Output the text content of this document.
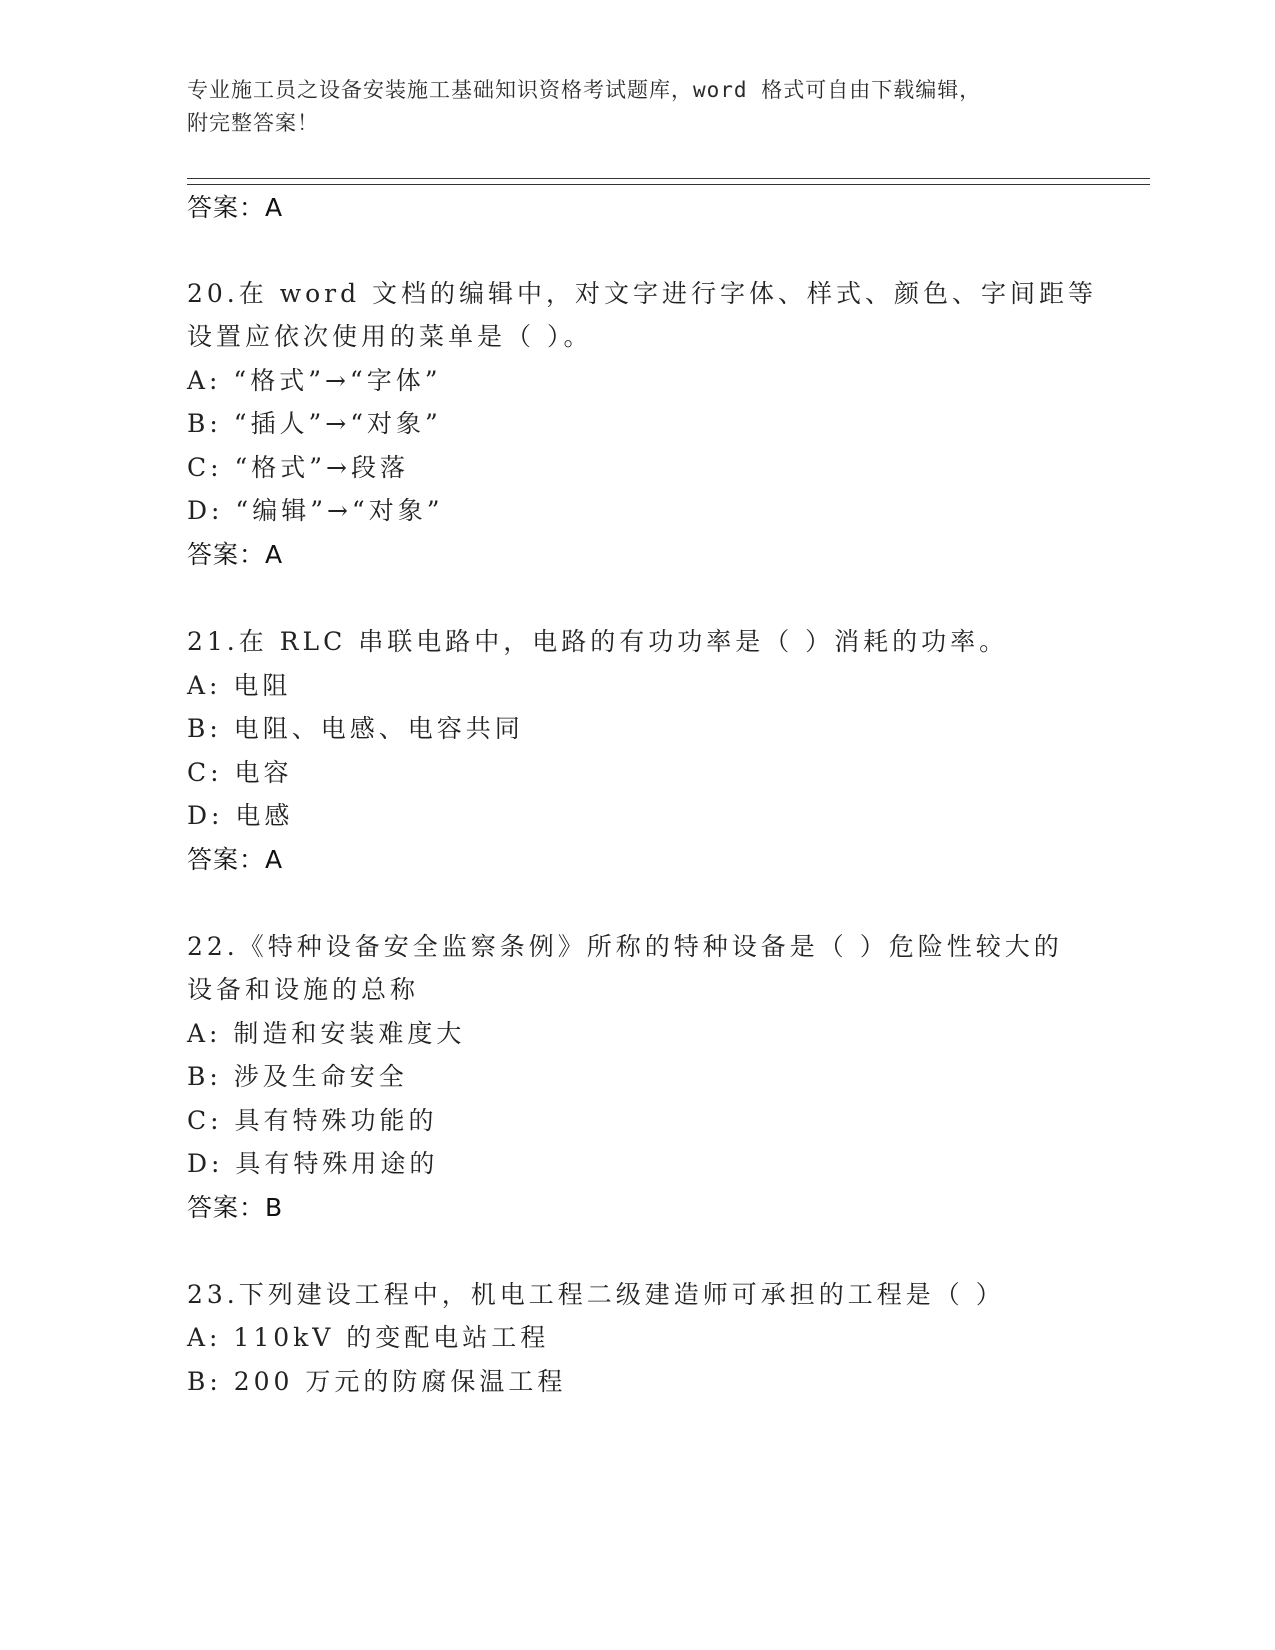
专业施工员之设备安装施工基础知识资格考试题库，word 格式可自由下载编辑，
附完整答案！
答案：A
20.在 word 文档的编辑中，对文字进行字体、样式、颜色、字间距等
设置应依次使用的菜单是（ ）。
A: “格式”→“字体”
B: “插人”→“对象”
C: “格式”→段落
D: “编辑”→“对象”
答案：A
21.在 RLC 串联电路中，电路的有功功率是（ ）消耗的功率。
A: 电阻
B: 电阻、电感、电容共同
C: 电容
D: 电感
答案：A
22.《特种设备安全监察条例》所称的特种设备是（ ）危险性较大的
设备和设施的总称
A: 制造和安装难度大
B: 涉及生命安全
C: 具有特殊功能的
D: 具有特殊用途的
答案：B
23.下列建设工程中，机电工程二级建造师可承担的工程是（ ）
A: 110kV 的变配电站工程
B: 200 万元的防腐保温工程
